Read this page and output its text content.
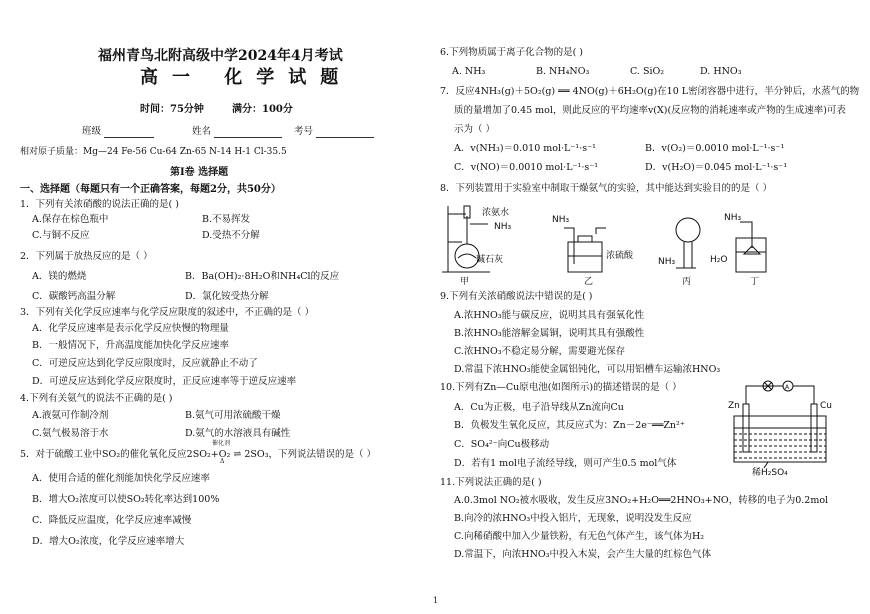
福州青鸟北附高级中学2024年4月考试
高一 化学试题
时间：75分钟	满分：100分
班级	姓名	考号
相对原子质量：Mg—24 Fe-56 Cu-64 Zn-65 N-14 H-1 Cl-35.5
第Ⅰ卷 选择题
一、选择题（每题只有一个正确答案，每题2分，共50分）
1．下列有关浓硝酸的说法正确的是( )
A.保存在棕色瓶中	B.不易挥发
C.与铜不反应	D.受热不分解
2．下列属于放热反应的是（ ）
A．镁的燃烧	B．Ba(OH)₂·8H₂O和NH₄Cl的反应
C．碳酸钙高温分解	D．氯化铵受热分解
3．下列有关化学反应速率与化学反应限度的叙述中，不正确的是（ ）
A．化学反应速率是表示化学反应快慢的物理量
B．一般情况下，升高温度能加快化学反应速率
C．可逆反应达到化学反应限度时，反应就静止不动了
D．可逆反应达到化学反应限度时，正反应速率等于逆反应速率
4.下列有关氨气的说法不正确的是( )
A.液氨可作制冷剂	B.氨气可用浓硫酸干燥
C.氨气极易溶于水	D.氨气的水溶液具有碱性
5．对于硫酸工业中SO₂的催化氧化反应2SO₂+O₂ ⇌ 2SO₃，下列说法错误的是（ ）
催化剂
Δ
A．使用合适的催化剂能加快化学反应速率
B．增大O₂浓度可以使SO₂转化率达到100%
C．降低反应温度，化学反应速率减慢
D．增大O₂浓度，化学反应速率增大
6.下列物质属于离子化合物的是( )
A. NH₃	B. NH₄NO₃	C. SiO₂	D. HNO₃
7．反应4NH₃(g)＋5O₂(g) ══ 4NO(g)＋6H₂O(g)在10 L密闭容器中进行，半分钟后，水蒸气的物
质的量增加了0.45 mol，则此反应的平均速率v(X)(反应物的消耗速率或产物的生成速率)可表
示为（ ）
A．v(NH₃)＝0.010 mol·L⁻¹·s⁻¹	B．v(O₂)＝0.0010 mol·L⁻¹·s⁻¹
C．v(NO)＝0.0010 mol·L⁻¹·s⁻¹	D．v(H₂O)＝0.045 mol·L⁻¹·s⁻¹
8．下列装置用于实验室中制取干燥氨气的实验，其中能达到实验目的的是（ ）
浓氨水
NH₃
碱石灰
甲
NH₃
浓硫酸
乙
NH₃
丙
NH₃
H₂O
丁
9.下列有关浓硝酸说法中错误的是( )
A.浓HNO₃能与碳反应，说明其具有强氧化性
B.浓HNO₃能溶解金属铜，说明其具有强酸性
C.浓HNO₃不稳定易分解，需要避光保存
D.常温下浓HNO₃能使金属铝钝化，可以用铝槽车运输浓HNO₃
10.下列有Zn—Cu原电池(如图所示)的描述错误的是（ ）
A．Cu为正极，电子沿导线从Zn流向Cu
B．负极发生氧化反应，其反应式为：Zn－2e⁻══Zn²⁺
C．SO₄²⁻向Cu极移动
D．若有1 mol电子流经导线，则可产生0.5 mol气体
Zn	Cu
A
稀H₂SO₄
11.下列说法正确的是( )
A.0.3mol NO₂被水吸收，发生反应3NO₂+H₂O══2HNO₃+NO，转移的电子为0.2mol
B.向冷的浓HNO₃中投入铝片，无现象，说明没发生反应
C.向稀硝酸中加入少量铁粉，有无色气体产生，该气体为H₂
D.常温下，向浓HNO₃中投入木炭，会产生大量的红棕色气体
1
